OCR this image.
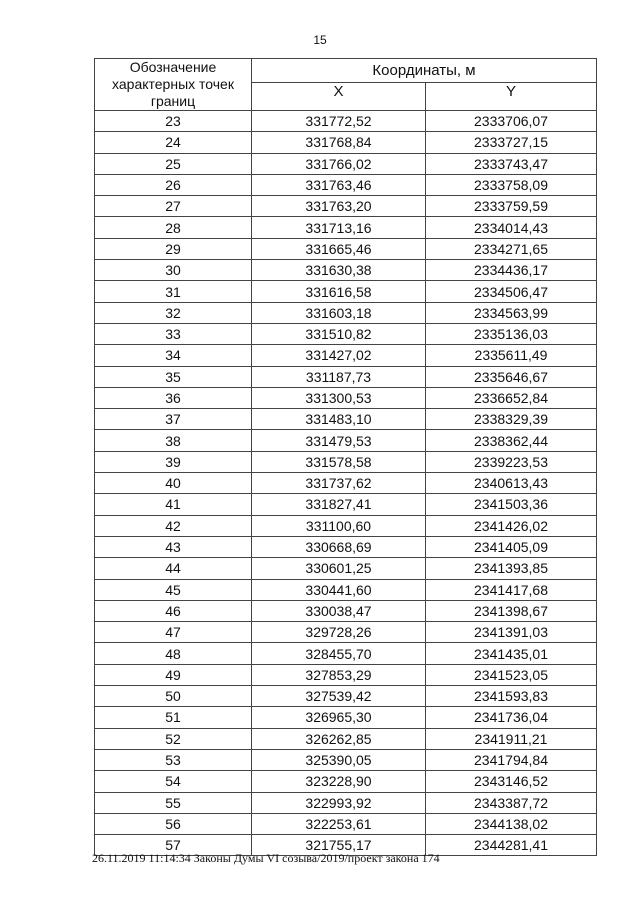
15
Обозначение характерных точек границ	Координаты, м	
	X	Y
23	331772,52	2333706,07
24	331768,84	2333727,15
25	331766,02	2333743,47
26	331763,46	2333758,09
27	331763,20	2333759,59
28	331713,16	2334014,43
29	331665,46	2334271,65
30	331630,38	2334436,17
31	331616,58	2334506,47
32	331603,18	2334563,99
33	331510,82	2335136,03
34	331427,02	2335611,49
35	331187,73	2335646,67
36	331300,53	2336652,84
37	331483,10	2338329,39
38	331479,53	2338362,44
39	331578,58	2339223,53
40	331737,62	2340613,43
41	331827,41	2341503,36
42	331100,60	2341426,02
43	330668,69	2341405,09
44	330601,25	2341393,85
45	330441,60	2341417,68
46	330038,47	2341398,67
47	329728,26	2341391,03
48	328455,70	2341435,01
49	327853,29	2341523,05
50	327539,42	2341593,83
51	326965,30	2341736,04
52	326262,85	2341911,21
53	325390,05	2341794,84
54	323228,90	2343146,52
55	322993,92	2343387,72
56	322253,61	2344138,02
57	321755,17	2344281,41
26.11.2019 11:14:34 Законы Думы VI созыва/2019/проект закона 174
